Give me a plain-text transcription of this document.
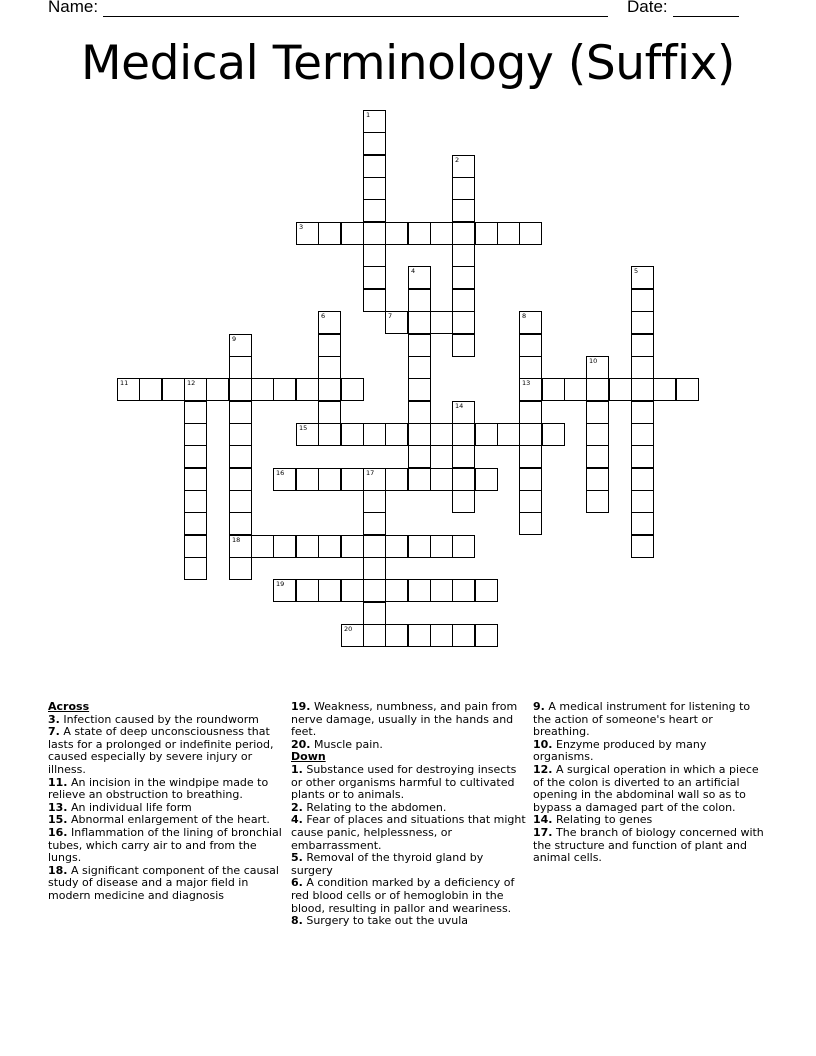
Name:	Date:
Medical Terminology (Suffix)
3
7
11	12	13
15
16	17
18
19
20
1
2
4	5
6	8
9
10
14
Across

3. Infection caused by the roundworm

7. A state of deep unconsciousness that lasts for a prolonged or indefinite period, caused especially by severe injury or illness.

11. An incision in the windpipe made to relieve an obstruction to breathing.

13. An individual life form

15. Abnormal enlargement of the heart.

16. Inflammation of the lining of bronchial tubes, which carry air to and from the lungs.

18. A significant component of the causal study of disease and a major field in modern medicine and diagnosis

19. Weakness, numbness, and pain from nerve damage, usually in the hands and feet.

20. Muscle pain.

Down

1. Substance used for destroying insects or other organisms harmful to cultivated plants or to animals.

2. Relating to the abdomen.

4. Fear of places and situations that might cause panic, helplessness, or embarrassment.

5. Removal of the thyroid gland by surgery

6. A condition marked by a deficiency of red blood cells or of hemoglobin in the blood, resulting in pallor and weariness.

8. Surgery to take out the uvula

9. A medical instrument for listening to the action of someone's heart or breathing.

10. Enzyme produced by many organisms.

12. A surgical operation in which a piece of the colon is diverted to an artificial opening in the abdominal wall so as to bypass a damaged part of the colon.

14. Relating to genes

17. The branch of biology concerned with the structure and function of plant and animal cells.
